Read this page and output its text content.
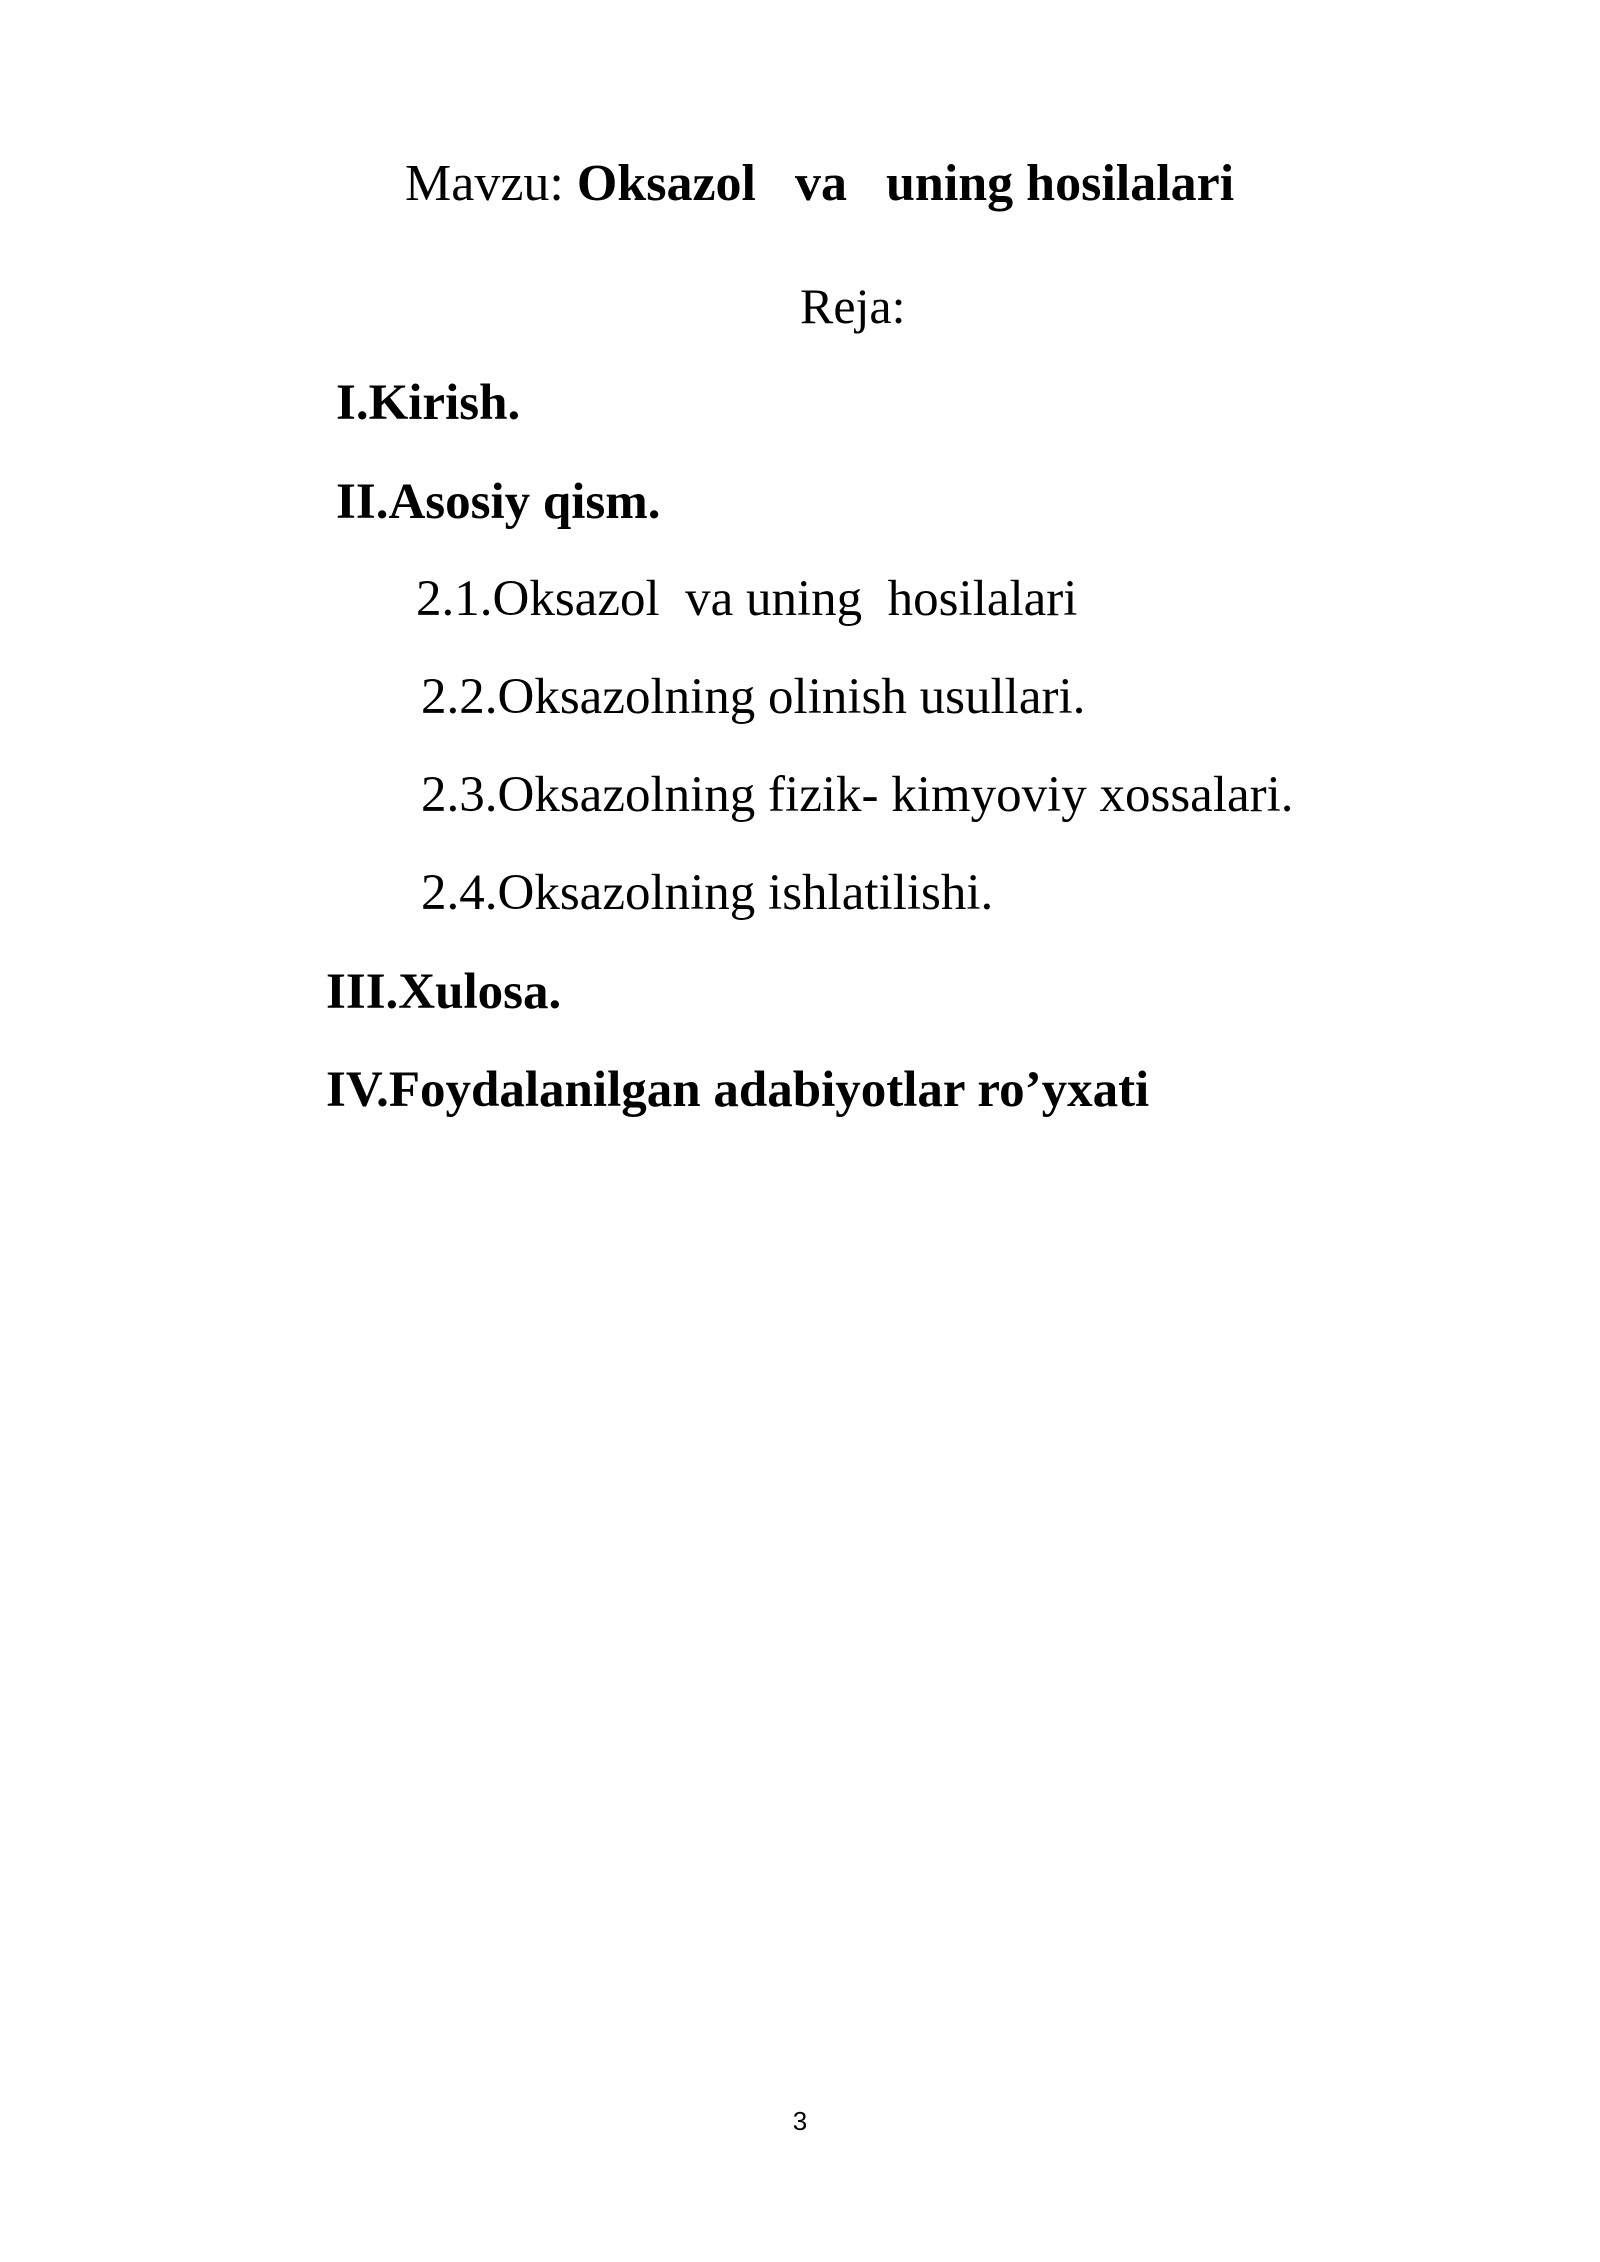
Mavzu: Oksazol   va   uning hosilalari
Reja:
I.Kirish.
II.Asosiy qism.
2.1.Oksazol  va uning  hosilalari
2.2.Oksazolning olinish usullari.
2.3.Oksazolning fizik- kimyoviy xossalari.
2.4.Oksazolning ishlatilishi.
III.Xulosa.
IV.Foydalanilgan adabiyotlar ro’yxati
3
